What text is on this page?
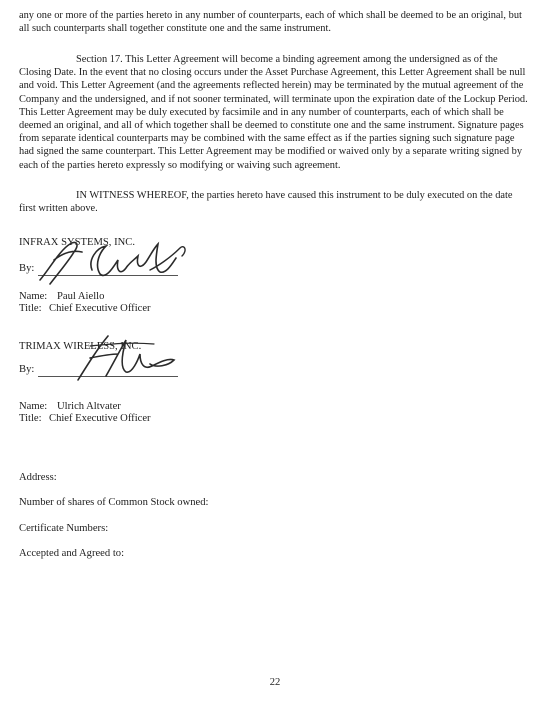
any one or more of the parties hereto in any number of counterparts, each of which shall be deemed to be an original, but all such counterparts shall together constitute one and the same instrument.

Section 17. This Letter Agreement will become a binding agreement among the undersigned as of the Closing Date. In the event that no closing occurs under the Asset Purchase Agreement, this Letter Agreement shall be null and void. This Letter Agreement (and the agreements reflected herein) may be terminated by the mutual agreement of the Company and the undersigned, and if not sooner terminated, will terminate upon the expiration date of the Lockup Period. This Letter Agreement may be duly executed by facsimile and in any number of counterparts, each of which shall be deemed an original, and all of which together shall be deemed to constitute one and the same instrument. Signature pages from separate identical counterparts may be combined with the same effect as if the parties signing such signature page had signed the same counterpart. This Letter Agreement may be modified or waived only by a separate writing signed by each of the parties hereto expressly so modifying or waiving such agreement.

IN WITNESS WHEREOF, the parties hereto have caused this instrument to be duly executed on the date first written above.

INFRAX SYSTEMS, INC.
By:
Name: Paul Aiello
Title: Chief Executive Officer
TRIMAX WIRELESS, INC.
By:
Name: Ulrich Altvater
Title: Chief Executive Officer
Address:
Number of shares of Common Stock owned:
Certificate Numbers:
Accepted and Agreed to:
22
